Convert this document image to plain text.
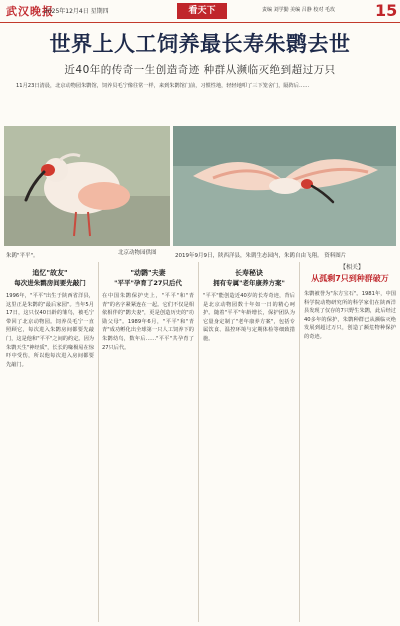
武汉晚报
2025年12月4日 星期四	看天下	责编 刘学勤 美编 吕静 校对 毛玫	15
世界上人工饲养最长寿朱鹮去世
近40年的传奇一生创造奇迹 种群从濒临灭绝到超过万只
11月23日清晨，北京动物园朱鹮馆，饲养员毛宁像往常一样，来到朱鹮馆门前，习惯性地，轻轻地叩了三下笼舍门，隔阵后……
朱鹮"平平"。	北京动物园供图	2019年9月9日，陕西洋县，朱鹮生态园内，朱鹮自由飞翔。 资料图片
追忆"故友"
每次进朱鹮房间要先敲门
1996年，"平平"出生于陕西省洋县，这里正是朱鹮的"最后家园"。当年5月17日，这只仅40日龄的雏鸟，被毛宁带回了北京动物园。饲养员毛宁一直照顾它，每次进入朱鹮房间都要先敲门，这是他和"平平"之间的约定。因为朱鹮天生"神经质"，长长的喙极易在惊吓中受伤，所以他每次进入房间都要先敲门。
"动鹮"夫妻
"平平"孕育了27只后代
在中国朱鹮保护史上，"平平"和"青青"的名字紧紧连在一起。它们不仅是相依相伴的"鹮夫妻"，更是创造历史的"功勋父母"。1989年6月，"平平"和"青青"成功孵化出全球第一只人工饲养下的朱鹮幼鸟，数年后……"平平"共孕育了27只后代。
长寿秘诀
拥有专属"老年康养方案"
"平平"能创造近40岁的长寿奇迹，背后是北京动物园数十年如一日的精心呵护。随着"平平"年龄增长，保护团队为它量身定制了"老年康养方案"，包括专属饮食、温控环境与定期体检等细致措施。
【相关】
从孤剩7只到种群破万
朱鹮被誉为"东方宝石"。1981年，中国科学院动物研究所的科学家们在陕西洋县发现了仅存的7只野生朱鹮，此后经过40多年的保护，朱鹮种群已从濒临灭绝发展到超过万只，创造了濒危物种保护的奇迹。
